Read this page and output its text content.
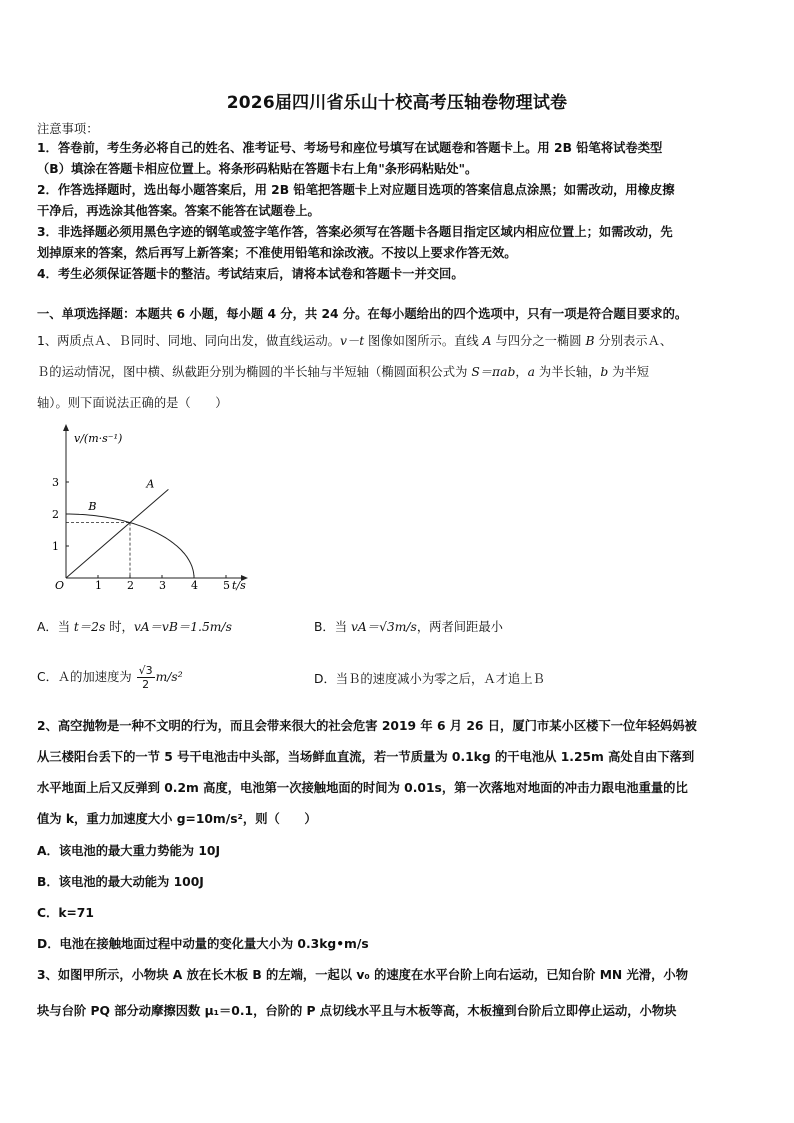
2026届四川省乐山十校高考压轴卷物理试卷
注意事项：
1．答卷前，考生务必将自己的姓名、准考证号、考场号和座位号填写在试题卷和答题卡上。用 2B 铅笔将试卷类型
（B）填涂在答题卡相应位置上。将条形码粘贴在答题卡右上角"条形码粘贴处"。
2．作答选择题时，选出每小题答案后，用 2B 铅笔把答题卡上对应题目选项的答案信息点涂黑；如需改动，用橡皮擦
干净后，再选涂其他答案。答案不能答在试题卷上。
3．非选择题必须用黑色字迹的钢笔或签字笔作答，答案必须写在答题卡各题目指定区域内相应位置上；如需改动，先
划掉原来的答案，然后再写上新答案；不准使用铅笔和涂改液。不按以上要求作答无效。
4．考生必须保证答题卡的整洁。考试结束后，请将本试卷和答题卡一并交回。
一、单项选择题：本题共 6 小题，每小题 4 分，共 24 分。在每小题给出的四个选项中，只有一项是符合题目要求的。
1、两质点Ａ、Ｂ同时、同地、同向出发，做直线运动。v－t 图像如图所示。直线 A 与四分之一椭圆 B 分别表示Ａ、
Ｂ的运动情况，图中横、纵截距分别为椭圆的半长轴与半短轴（椭圆面积公式为 S＝πab，a 为半长轴，b 为半短
轴）。则下面说法正确的是（　　）
v/(m·s⁻¹)
t/s
O	1 2 3 4 5
1
2
3	A
B
A．当 t＝2s 时，vA＝vB＝1.5m/s	B．当 vA＝√3m/s，两者间距最小
C．Ａ的加速度为 $\frac{√3}{2} m/s^2$	D．当Ｂ的速度减小为零之后，Ａ才追上Ｂ
2、高空抛物是一种不文明的行为，而且会带来很大的社会危害 2019 年 6 月 26 日，厦门市某小区楼下一位年轻妈妈被
从三楼阳台丢下的一节 5 号干电池击中头部，当场鲜血直流，若一节质量为 0.1kg 的干电池从 1.25m 高处自由下落到
水平地面上后又反弹到 0.2m 高度，电池第一次接触地面的时间为 0.01s，第一次落地对地面的冲击力跟电池重量的比
值为 k，重力加速度大小 g=10m/s²，则（　　）
A．该电池的最大重力势能为 10J
B．该电池的最大动能为 100J
C．k=71
D．电池在接触地面过程中动量的变化量大小为 0.3kg•m/s
3、如图甲所示，小物块 A 放在长木板 B 的左端，一起以 v₀ 的速度在水平台阶上向右运动，已知台阶 MN 光滑，小物
块与台阶 PQ 部分动摩擦因数 μ₁＝0.1，台阶的 P 点切线水平且与木板等高，木板撞到台阶后立即停止运动，小物块
